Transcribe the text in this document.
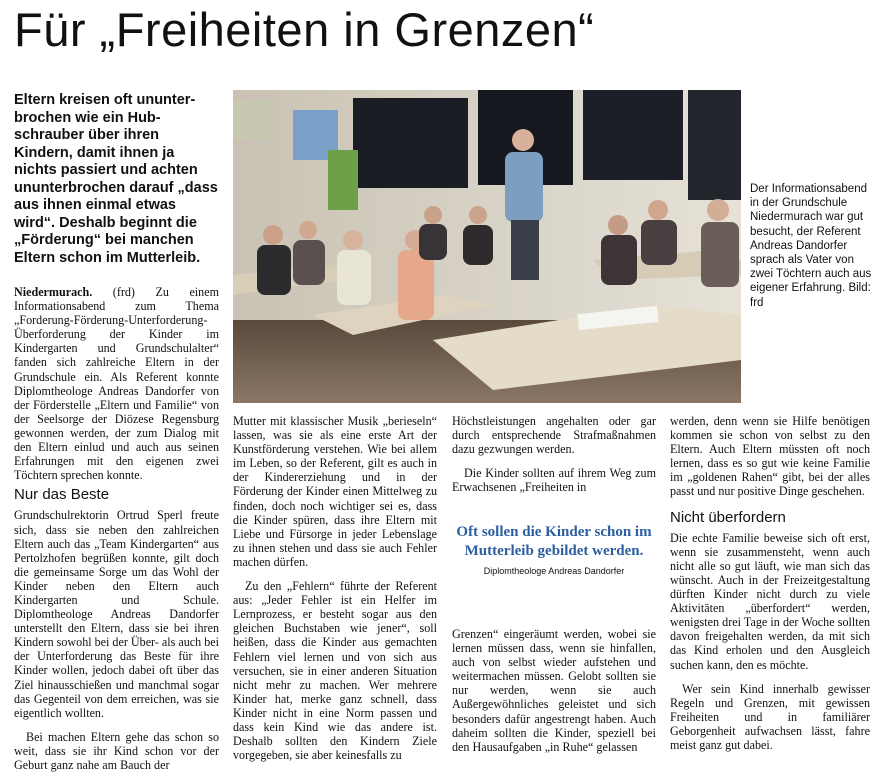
Für „Freiheiten in Grenzen“
Eltern kreisen oft ununter-brochen wie ein Hub-schrauber über ihren Kindern, damit ihnen ja nichts passiert und achten ununterbrochen darauf „dass aus ihnen einmal etwas wird“. Deshalb beginnt die „Förderung“ bei manchen Eltern schon im Mutterleib.
Der Informationsabend in der Grundschule Niedermurach war gut besucht, der Referent Andreas Dandorfer sprach als Vater von zwei Töchtern auch aus eigener Erfahrung. Bild: frd

Niedermurach. (frd) Zu einem Informationsabend zum Thema „Forderung-Förderung-Unterforderung-Überforderung der Kinder im Kindergarten und Grundschulalter“ fanden sich zahlreiche Eltern in der Grundschule ein. Als Referent konnte Diplomtheologe Andreas Dandorfer von der Förderstelle „Eltern und Familie“ von der Seelsorge der Diözese Regensburg gewonnen werden, der zum Dialog mit den Eltern einlud und auch aus seinen Erfahrungen mit den eigenen zwei Töchtern sprechen konnte.

Nur das Beste

Grundschulrektorin Ortrud Sperl freute sich, dass sie neben den zahlreichen Eltern auch das „Team Kindergarten“ aus Pertolzhofen begrüßen konnte, gilt doch die gemeinsame Sorge um das Wohl der Kinder neben den Eltern auch Kindergarten und Schule. Diplomtheologe Andreas Dandorfer unterstellt den Eltern, dass sie bei ihren Kindern sowohl bei der Über- als auch bei der Unterforderung das Beste für ihre Kinder wollen, jedoch dabei oft über das Ziel hinausschießen und manchmal sogar das Gegenteil von dem erreichen, was sie eigentlich wollten.

Bei machen Eltern gehe das schon so weit, dass sie ihr Kind schon vor der Geburt ganz nahe am Bauch der

Mutter mit klassischer Musik „berieseln“ lassen, was sie als eine erste Art der Kunstförderung verstehen. Wie bei allem im Leben, so der Referent, gilt es auch in der Kindererziehung und in der Förderung der Kinder einen Mittelweg zu finden, doch noch wichtiger sei es, dass die Kinder spüren, dass ihre Eltern mit Liebe und Fürsorge in jeder Lebenslage zu ihnen stehen und dass sie auch Fehler machen dürfen.

Zu den „Fehlern“ führte der Referent aus: „Jeder Fehler ist ein Helfer im Lernprozess, er besteht sogar aus den gleichen Buchstaben wie jener“, soll heißen, dass die Kinder aus gemachten Fehlern viel lernen und von sich aus versuchen, sie in einer anderen Situation nicht mehr zu machen. Wer mehrere Kinder hat, merke ganz schnell, dass Kinder nicht in eine Norm passen und dass kein Kind wie das andere ist. Deshalb sollten den Kindern Ziele vorgegeben, sie aber keinesfalls zu

Höchstleistungen angehalten oder gar durch entsprechende Strafmaßnahmen dazu gezwungen werden.

Die Kinder sollten auf ihrem Weg zum Erwachsenen „Freiheiten in

Oft sollen die Kinder schon im Mutterleib gebildet werden.
Diplomtheologe Andreas Dandorfer

Grenzen“ eingeräumt werden, wobei sie lernen müssen dass, wenn sie hinfallen, auch von selbst wieder aufstehen und weitermachen müssen. Gelobt sollten sie nur werden, wenn sie auch Außergewöhnliches geleistet und sich besonders dafür angestrengt haben. Auch daheim sollten die Kinder, speziell bei den Hausaufgaben „in Ruhe“ gelassen

werden, denn wenn sie Hilfe benötigen kommen sie schon von selbst zu den Eltern. Auch Eltern müssten oft noch lernen, dass es so gut wie keine Familie im „goldenen Rahen“ gibt, bei der alles passt und nur positive Dinge geschehen.

Nicht überfordern

Die echte Familie beweise sich oft erst, wenn sie zusammensteht, wenn auch nicht alle so gut läuft, wie man sich das wünscht. Auch in der Freizeitgestaltung dürften Kinder nicht durch zu viele Aktivitäten „überfordert“ werden, wenigsten drei Tage in der Woche sollten davon freigehalten werden, da mit sich das Kind erholen und den Ausgleich suchen kann, den es möchte.

Wer sein Kind innerhalb gewisser Regeln und Grenzen, mit gewissen Freiheiten und in familiärer Geborgenheit aufwachsen lässt, fahre meist ganz gut dabei.
